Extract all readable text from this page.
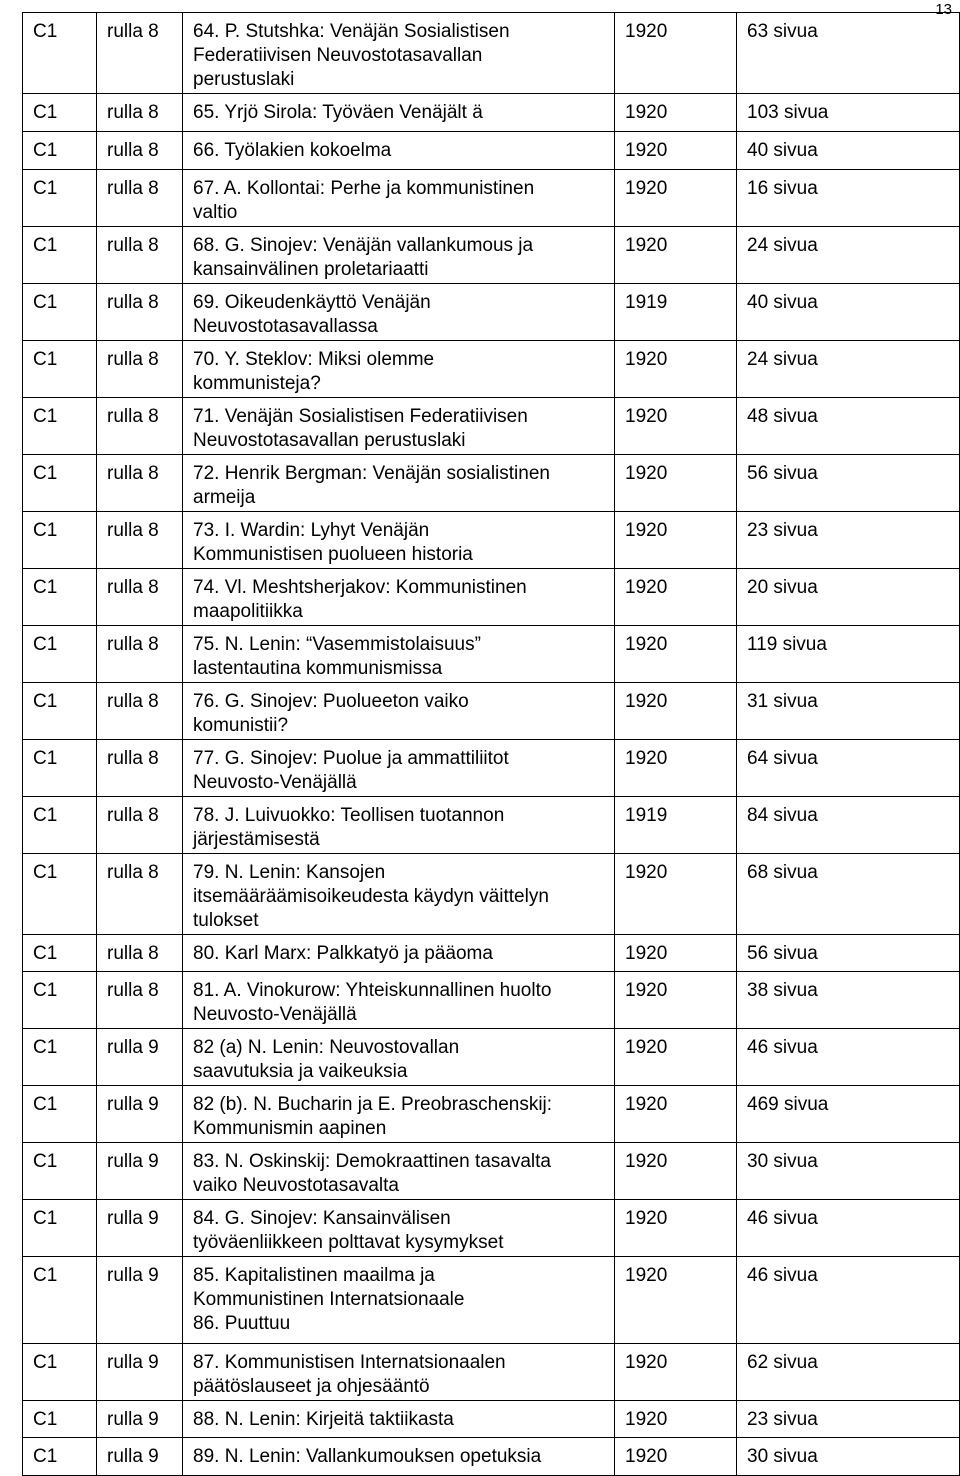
13
C1	rulla 8	64. P. Stutshka: Venäjän Sosialistisen
Federatiivisen Neuvostotasavallan
perustuslaki	1920	63 sivua
C1	rulla 8	65. Yrjö Sirola: Työväen Venäjält ä	1920	103 sivua
C1	rulla 8	66. Työlakien kokoelma	1920	40 sivua
C1	rulla 8	67. A. Kollontai: Perhe ja kommunistinen
valtio	1920	16 sivua
C1	rulla 8	68. G. Sinojev: Venäjän vallankumous ja
kansainvälinen proletariaatti	1920	24 sivua
C1	rulla 8	69. Oikeudenkäyttö Venäjän
Neuvostotasavallassa	1919	40 sivua
C1	rulla 8	70. Y. Steklov: Miksi olemme
kommunisteja?	1920	24 sivua
C1	rulla 8	71. Venäjän Sosialistisen Federatiivisen
Neuvostotasavallan perustuslaki	1920	48 sivua
C1	rulla 8	72. Henrik Bergman: Venäjän sosialistinen
armeija	1920	56 sivua
C1	rulla 8	73. I. Wardin: Lyhyt Venäjän
Kommunistisen puolueen historia	1920	23 sivua
C1	rulla 8	74. Vl. Meshtsherjakov: Kommunistinen
maapolitiikka	1920	20 sivua
C1	rulla 8	75. N. Lenin: “Vasemmistolaisuus”
lastentautina kommunismissa	1920	119 sivua
C1	rulla 8	76. G. Sinojev: Puolueeton vaiko
komunistii?	1920	31 sivua
C1	rulla 8	77. G. Sinojev: Puolue ja ammattiliitot
Neuvosto-Venäjällä	1920	64 sivua
C1	rulla 8	78. J. Luivuokko: Teollisen tuotannon
järjestämisestä	1919	84 sivua
C1	rulla 8	79. N. Lenin: Kansojen
itsemääräämisoikeudesta käydyn väittelyn
tulokset	1920	68 sivua
C1	rulla 8	80. Karl Marx: Palkkatyö ja pääoma	1920	56 sivua
C1	rulla 8	81. A. Vinokurow: Yhteiskunnallinen huolto
Neuvosto-Venäjällä	1920	38 sivua
C1	rulla 9	82 (a) N. Lenin: Neuvostovallan
saavutuksia ja vaikeuksia	1920	46 sivua
C1	rulla 9	82 (b). N. Bucharin ja E. Preobraschenskij:
Kommunismin aapinen	1920	469 sivua
C1	rulla 9	83. N. Oskinskij: Demokraattinen tasavalta
vaiko Neuvostotasavalta	1920	30 sivua
C1	rulla 9	84. G. Sinojev: Kansainvälisen
työväenliikkeen polttavat kysymykset	1920	46 sivua
C1	rulla 9	85. Kapitalistinen maailma ja
Kommunistinen Internatsionaale
86. Puuttuu	1920	46 sivua
C1	rulla 9	87. Kommunistisen Internatsionaalen
päätöslauseet ja ohjesääntö	1920	62 sivua
C1	rulla 9	88. N. Lenin: Kirjeitä taktiikasta	1920	23 sivua
C1	rulla 9	89. N. Lenin: Vallankumouksen opetuksia	1920	30 sivua
